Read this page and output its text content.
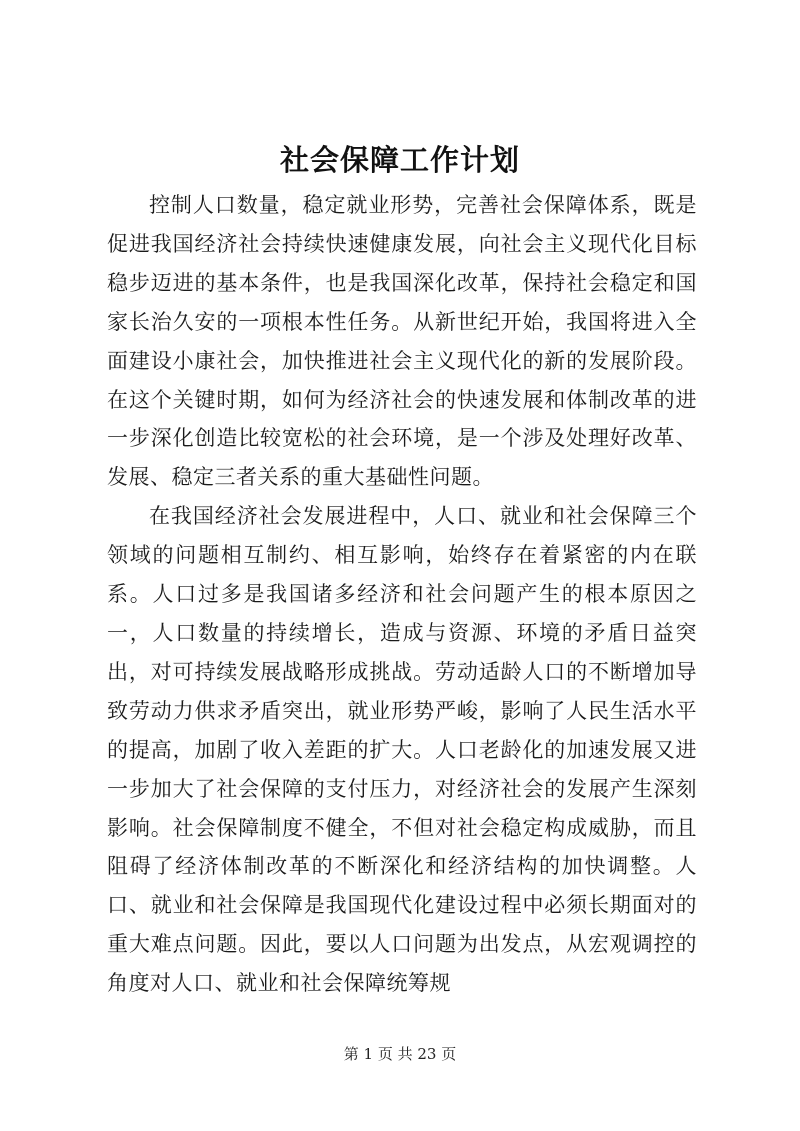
社会保障工作计划

控制人口数量，稳定就业形势，完善社会保障体系，既是促进我国经济社会持续快速健康发展，向社会主义现代化目标稳步迈进的基本条件，也是我国深化改革，保持社会稳定和国家长治久安的一项根本性任务。从新世纪开始，我国将进入全面建设小康社会，加快推进社会主义现代化的新的发展阶段。在这个关键时期，如何为经济社会的快速发展和体制改革的进一步深化创造比较宽松的社会环境，是一个涉及处理好改革、发展、稳定三者关系的重大基础性问题。

在我国经济社会发展进程中，人口、就业和社会保障三个领域的问题相互制约、相互影响，始终存在着紧密的内在联系。人口过多是我国诸多经济和社会问题产生的根本原因之一，人口数量的持续增长，造成与资源、环境的矛盾日益突出，对可持续发展战略形成挑战。劳动适龄人口的不断增加导致劳动力供求矛盾突出，就业形势严峻，影响了人民生活水平的提高，加剧了收入差距的扩大。人口老龄化的加速发展又进一步加大了社会保障的支付压力，对经济社会的发展产生深刻影响。社会保障制度不健全，不但对社会稳定构成威胁，而且阻碍了经济体制改革的不断深化和经济结构的加快调整。人口、就业和社会保障是我国现代化建设过程中必须长期面对的重大难点问题。因此，要以人口问题为出发点，从宏观调控的角度对人口、就业和社会保障统筹规

第 1 页 共 23 页
